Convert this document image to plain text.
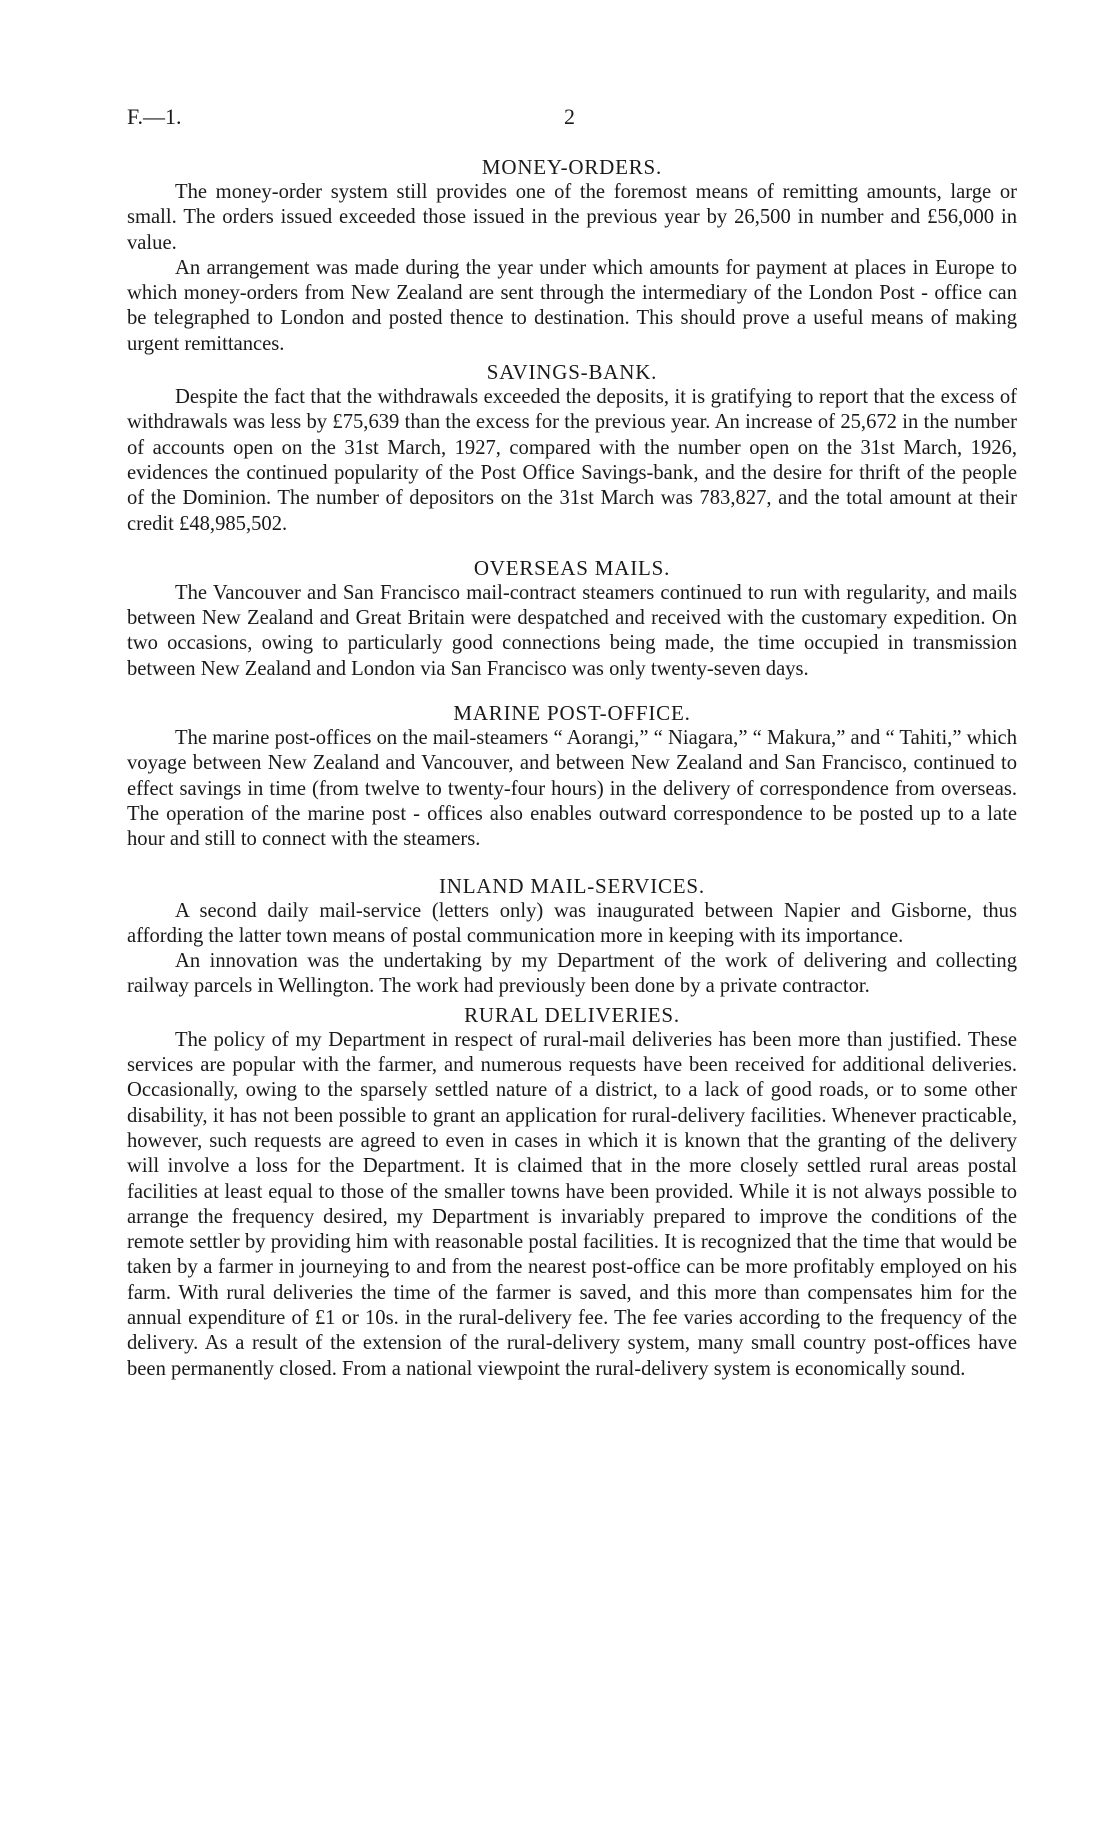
F.—1.	2
MONEY-ORDERS.

The money-order system still provides one of the foremost means of remitting amounts, large or small. The orders issued exceeded those issued in the previous year by 26,500 in number and £56,000 in value.

An arrangement was made during the year under which amounts for payment at places in Europe to which money-orders from New Zealand are sent through the intermediary of the London Post - office can be telegraphed to London and posted thence to destination. This should prove a useful means of making urgent remittances.

SAVINGS-BANK.

Despite the fact that the withdrawals exceeded the deposits, it is gratifying to report that the excess of withdrawals was less by £75,639 than the excess for the previous year. An increase of 25,672 in the number of accounts open on the 31st March, 1927, compared with the number open on the 31st March, 1926, evidences the continued popularity of the Post Office Savings-bank, and the desire for thrift of the people of the Dominion. The number of depositors on the 31st March was 783,827, and the total amount at their credit £48,985,502.

OVERSEAS MAILS.

The Vancouver and San Francisco mail-contract steamers continued to run with regularity, and mails between New Zealand and Great Britain were despatched and received with the customary expedition. On two occasions, owing to particularly good connections being made, the time occupied in transmission between New Zealand and London via San Francisco was only twenty-seven days.

MARINE POST-OFFICE.

The marine post-offices on the mail-steamers “ Aorangi,” “ Niagara,” “ Makura,” and “ Tahiti,” which voyage between New Zealand and Vancouver, and between New Zealand and San Francisco, continued to effect savings in time (from twelve to twenty-four hours) in the delivery of correspondence from overseas. The operation of the marine post - offices also enables outward correspondence to be posted up to a late hour and still to connect with the steamers.

INLAND MAIL-SERVICES.

A second daily mail-service (letters only) was inaugurated between Napier and Gisborne, thus affording the latter town means of postal communication more in keeping with its importance.

An innovation was the undertaking by my Department of the work of delivering and collecting railway parcels in Wellington. The work had previously been done by a private contractor.

RURAL DELIVERIES.

The policy of my Department in respect of rural-mail deliveries has been more than justified. These services are popular with the farmer, and numerous requests have been received for additional deliveries. Occasionally, owing to the sparsely settled nature of a district, to a lack of good roads, or to some other disability, it has not been possible to grant an application for rural-delivery facilities. Whenever practicable, however, such requests are agreed to even in cases in which it is known that the granting of the delivery will involve a loss for the Department. It is claimed that in the more closely settled rural areas postal facilities at least equal to those of the smaller towns have been provided. While it is not always possible to arrange the frequency desired, my Department is invariably prepared to improve the conditions of the remote settler by providing him with reasonable postal facilities. It is recognized that the time that would be taken by a farmer in journeying to and from the nearest post-office can be more profitably employed on his farm. With rural deliveries the time of the farmer is saved, and this more than compensates him for the annual expenditure of £1 or 10s. in the rural-delivery fee. The fee varies according to the frequency of the delivery. As a result of the extension of the rural-delivery system, many small country post-offices have been permanently closed. From a national viewpoint the rural-delivery system is economically sound.
